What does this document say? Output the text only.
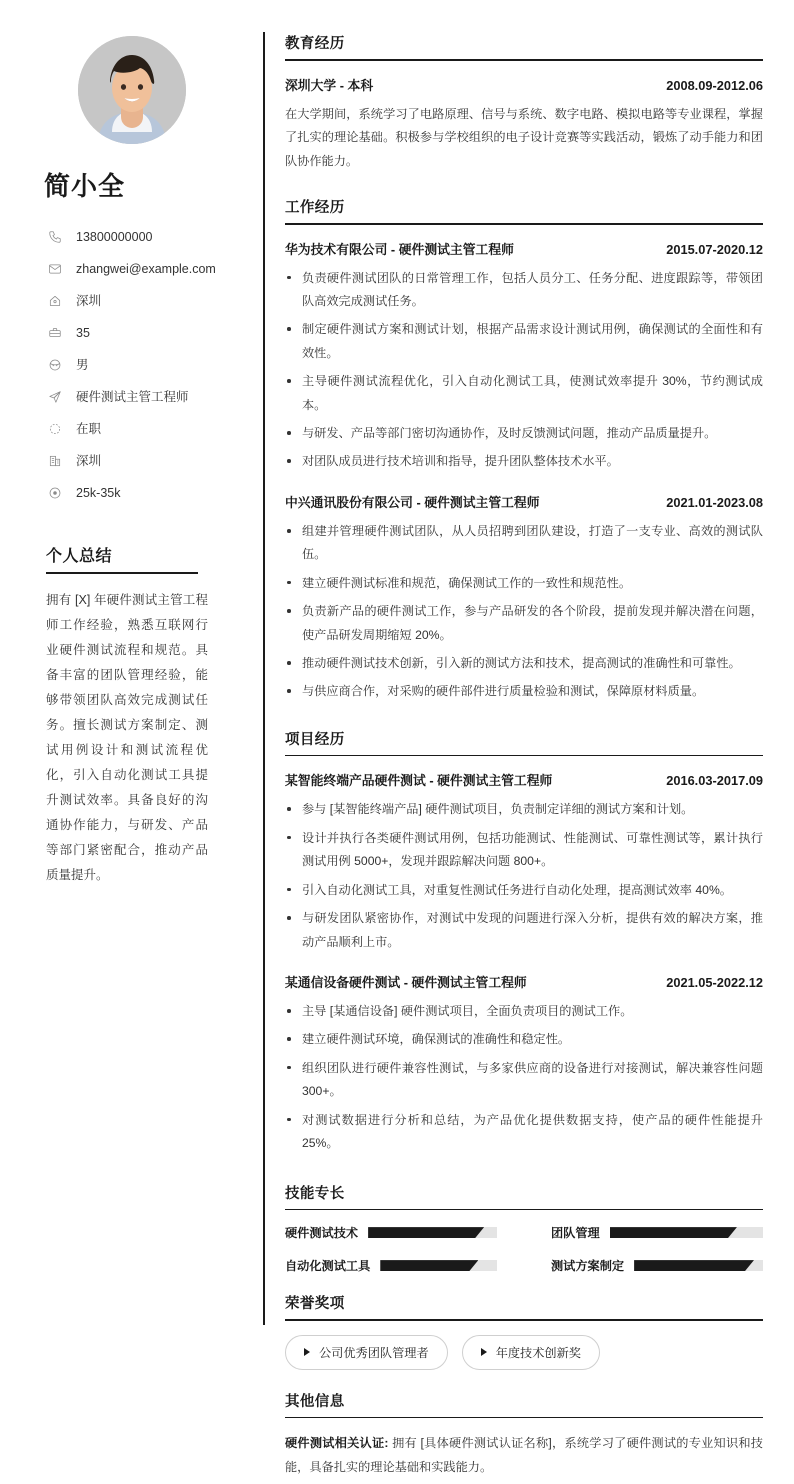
简小全
13800000000
zhangwei@example.com
深圳
35
男
硬件测试主管工程师
在职
深圳
25k-35k
个人总结

拥有 [X] 年硬件测试主管工程师工作经验，熟悉互联网行业硬件测试流程和规范。具备丰富的团队管理经验，能够带领团队高效完成测试任务。擅长测试方案制定、测试用例设计和测试流程优化，引入自动化测试工具提升测试效率。具备良好的沟通协作能力，与研发、产品等部门紧密配合，推动产品质量提升。

教育经历
深圳大学 - 本科	2008.09-2012.06

在大学期间，系统学习了电路原理、信号与系统、数字电路、模拟电路等专业课程，掌握了扎实的理论基础。积极参与学校组织的电子设计竞赛等实践活动，锻炼了动手能力和团队协作能力。

工作经历
华为技术有限公司 - 硬件测试主管工程师	2015.07-2020.12
负责硬件测试团队的日常管理工作，包括人员分工、任务分配、进度跟踪等，带领团队高效完成测试任务。
制定硬件测试方案和测试计划，根据产品需求设计测试用例，确保测试的全面性和有效性。
主导硬件测试流程优化，引入自动化测试工具，使测试效率提升 30%，节约测试成本。
与研发、产品等部门密切沟通协作，及时反馈测试问题，推动产品质量提升。
对团队成员进行技术培训和指导，提升团队整体技术水平。
中兴通讯股份有限公司 - 硬件测试主管工程师	2021.01-2023.08
组建并管理硬件测试团队，从人员招聘到团队建设，打造了一支专业、高效的测试队伍。
建立硬件测试标准和规范，确保测试工作的一致性和规范性。
负责新产品的硬件测试工作，参与产品研发的各个阶段，提前发现并解决潜在问题，使产品研发周期缩短 20%。
推动硬件测试技术创新，引入新的测试方法和技术，提高测试的准确性和可靠性。
与供应商合作，对采购的硬件部件进行质量检验和测试，保障原材料质量。
项目经历
某智能终端产品硬件测试 - 硬件测试主管工程师	2016.03-2017.09
参与 [某智能终端产品] 硬件测试项目，负责制定详细的测试方案和计划。
设计并执行各类硬件测试用例，包括功能测试、性能测试、可靠性测试等，累计执行测试用例 5000+，发现并跟踪解决问题 800+。
引入自动化测试工具，对重复性测试任务进行自动化处理，提高测试效率 40%。
与研发团队紧密协作，对测试中发现的问题进行深入分析，提供有效的解决方案，推动产品顺利上市。
某通信设备硬件测试 - 硬件测试主管工程师	2021.05-2022.12
主导 [某通信设备] 硬件测试项目，全面负责项目的测试工作。
建立硬件测试环境，确保测试的准确性和稳定性。
组织团队进行硬件兼容性测试，与多家供应商的设备进行对接测试，解决兼容性问题 300+。
对测试数据进行分析和总结，为产品优化提供数据支持，使产品的硬件性能提升 25%。
技能专长
硬件测试技术	团队管理
自动化测试工具	测试方案制定
荣誉奖项
公司优秀团队管理者	年度技术创新奖
其他信息

硬件测试相关认证: 拥有 [具体硬件测试认证名称]，系统学习了硬件测试的专业知识和技能，具备扎实的理论基础和实践能力。
